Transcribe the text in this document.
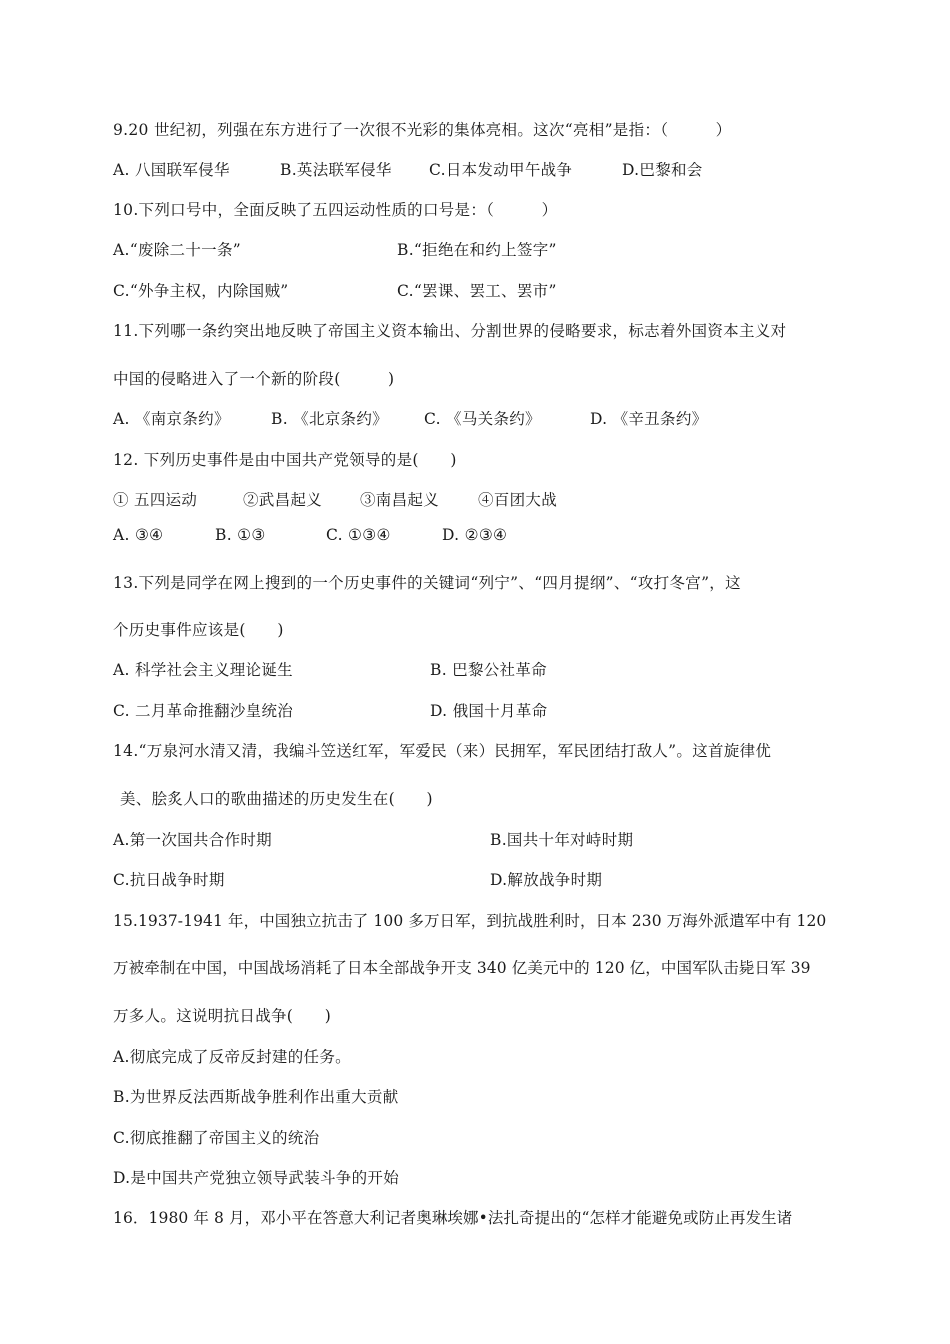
9.20 世纪初，列强在东方进行了一次很不光彩的集体亮相。这次“亮相”是指：（　　　）
A. 八国联军侵华	B.英法联军侵华 C.日本发动甲午战争	D.巴黎和会
10.下列口号中，全面反映了五四运动性质的口号是：（　　　）
A.“废除二十一条”	B.“拒绝在和约上签字”
C.“外争主权，内除国贼”	C.“罢课、罢工、罢市”
11.下列哪一条约突出地反映了帝国主义资本输出、分割世界的侵略要求，标志着外国资本主义对
中国的侵略进入了一个新的阶段(　　　)
A. 《南京条约》	B. 《北京条约》 C. 《马关条约》	D. 《辛丑条约》
12. 下列历史事件是由中国共产党领导的是(　　)
① 五四运动	②武昌起义 ③南昌起义	④百团大战
A. ③④	B. ①③	C. ①③④	D. ②③④
13.下列是同学在网上搜到的一个历史事件的关键词“列宁”、“四月提纲”、“攻打冬宫”，这
个历史事件应该是(　　)
A. 科学社会主义理论诞生	B. 巴黎公社革命
C. 二月革命推翻沙皇统治	D. 俄国十月革命
14.“万泉河水清又清，我编斗笠送红军，军爱民（来）民拥军，军民团结打敌人”。这首旋律优
美、脍炙人口的歌曲描述的历史发生在(　　)
A.第一次国共合作时期	B.国共十年对峙时期
C.抗日战争时期	D.解放战争时期
15.1937-1941 年，中国独立抗击了 100 多万日军，到抗战胜利时，日本 230 万海外派遣军中有 120
万被牵制在中国，中国战场消耗了日本全部战争开支 340 亿美元中的 120 亿，中国军队击毙日军 39
万多人。这说明抗日战争(　　)
A.彻底完成了反帝反封建的任务。
B.为世界反法西斯战争胜利作出重大贡献
C.彻底推翻了帝国主义的统治
D.是中国共产党独立领导武装斗争的开始
16．1980 年 8 月，邓小平在答意大利记者奥琳埃娜•法扎奇提出的“怎样才能避免或防止再发生诸
